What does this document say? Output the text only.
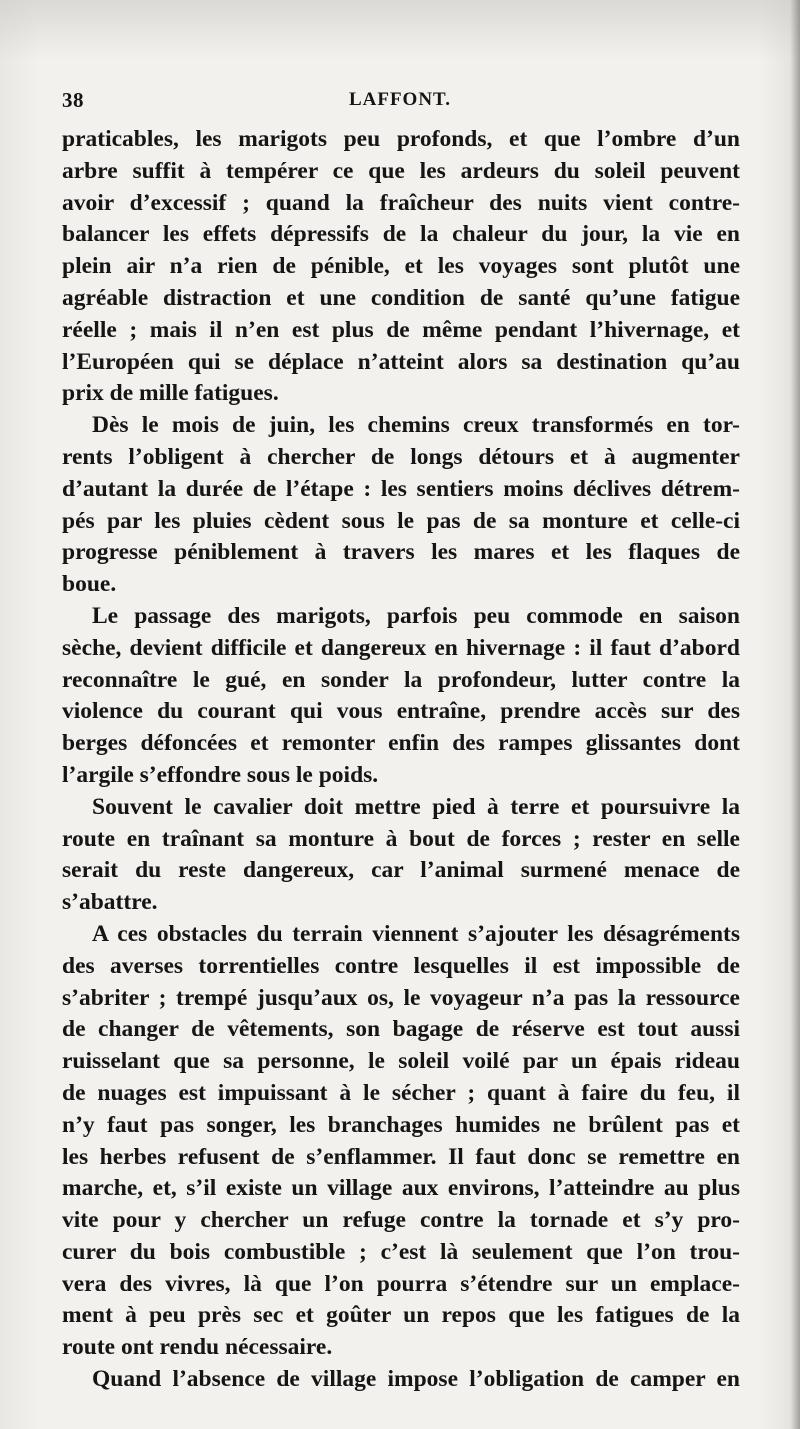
38	LAFFONT.
praticables, les marigots peu profonds, et que l’ombre d’un
arbre suffit à tempérer ce que les ardeurs du soleil peuvent
avoir d’excessif ; quand la fraîcheur des nuits vient contre-
balancer les effets dépressifs de la chaleur du jour, la vie en
plein air n’a rien de pénible, et les voyages sont plutôt une
agréable distraction et une condition de santé qu’une fatigue
réelle ; mais il n’en est plus de même pendant l’hivernage, et
l’Européen qui se déplace n’atteint alors sa destination qu’au
prix de mille fatigues.
Dès le mois de juin, les chemins creux transformés en tor-
rents l’obligent à chercher de longs détours et à augmenter
d’autant la durée de l’étape : les sentiers moins déclives détrem-
pés par les pluies cèdent sous le pas de sa monture et celle-ci
progresse péniblement à travers les mares et les flaques de
boue.
Le passage des marigots, parfois peu commode en saison
sèche, devient difficile et dangereux en hivernage : il faut d’abord
reconnaître le gué, en sonder la profondeur, lutter contre la
violence du courant qui vous entraîne, prendre accès sur des
berges défoncées et remonter enfin des rampes glissantes dont
l’argile s’effondre sous le poids.
Souvent le cavalier doit mettre pied à terre et poursuivre la
route en traînant sa monture à bout de forces ; rester en selle
serait du reste dangereux, car l’animal surmené menace de
s’abattre.
A ces obstacles du terrain viennent s’ajouter les désagréments
des averses torrentielles contre lesquelles il est impossible de
s’abriter ; trempé jusqu’aux os, le voyageur n’a pas la ressource
de changer de vêtements, son bagage de réserve est tout aussi
ruisselant que sa personne, le soleil voilé par un épais rideau
de nuages est impuissant à le sécher ; quant à faire du feu, il
n’y faut pas songer, les branchages humides ne brûlent pas et
les herbes refusent de s’enflammer. Il faut donc se remettre en
marche, et, s’il existe un village aux environs, l’atteindre au plus
vite pour y chercher un refuge contre la tornade et s’y pro-
curer du bois combustible ; c’est là seulement que l’on trou-
vera des vivres, là que l’on pourra s’étendre sur un emplace-
ment à peu près sec et goûter un repos que les fatigues de la
route ont rendu nécessaire.
Quand l’absence de village impose l’obligation de camper en
